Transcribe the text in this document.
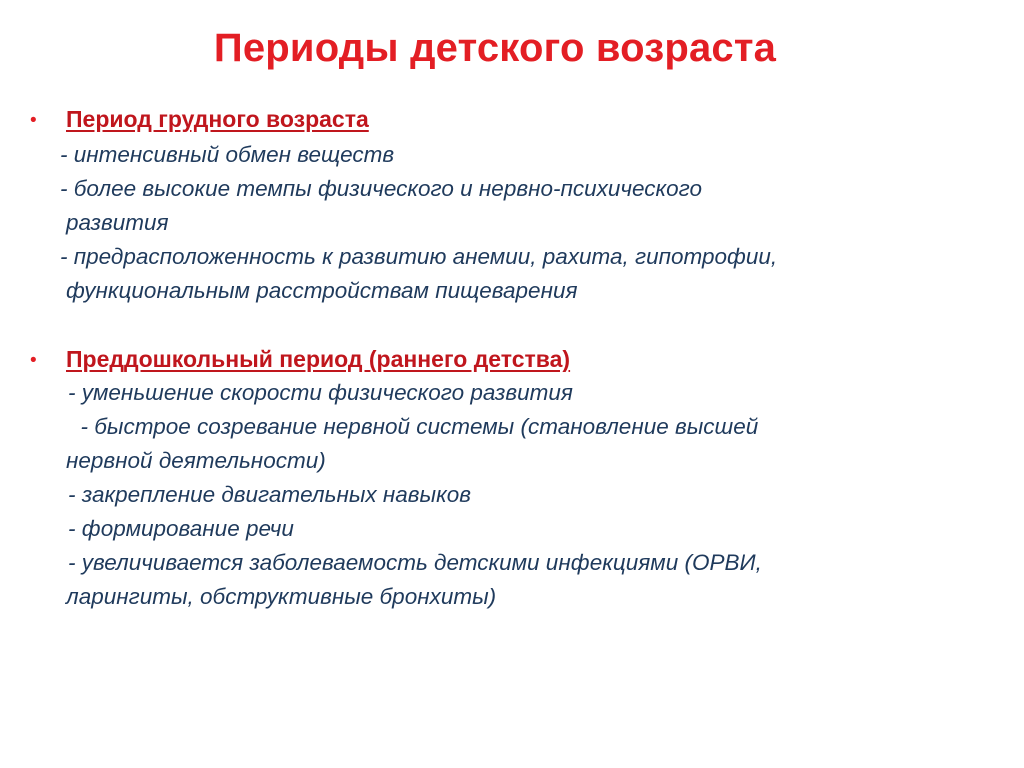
Периоды детского возраста
• Период грудного возраста
- интенсивный обмен веществ
- более высокие темпы физического и нервно-психического
развития
- предрасположенность к развитию анемии, рахита, гипотрофии,
функциональным расстройствам пищеварения
• Преддошкольный период (раннего детства)
- уменьшение скорости физического развития
- быстрое созревание нервной системы (становление высшей
нервной деятельности)
- закрепление двигательных навыков
- формирование речи
- увеличивается заболеваемость детскими инфекциями (ОРВИ,
ларингиты, обструктивные бронхиты)
